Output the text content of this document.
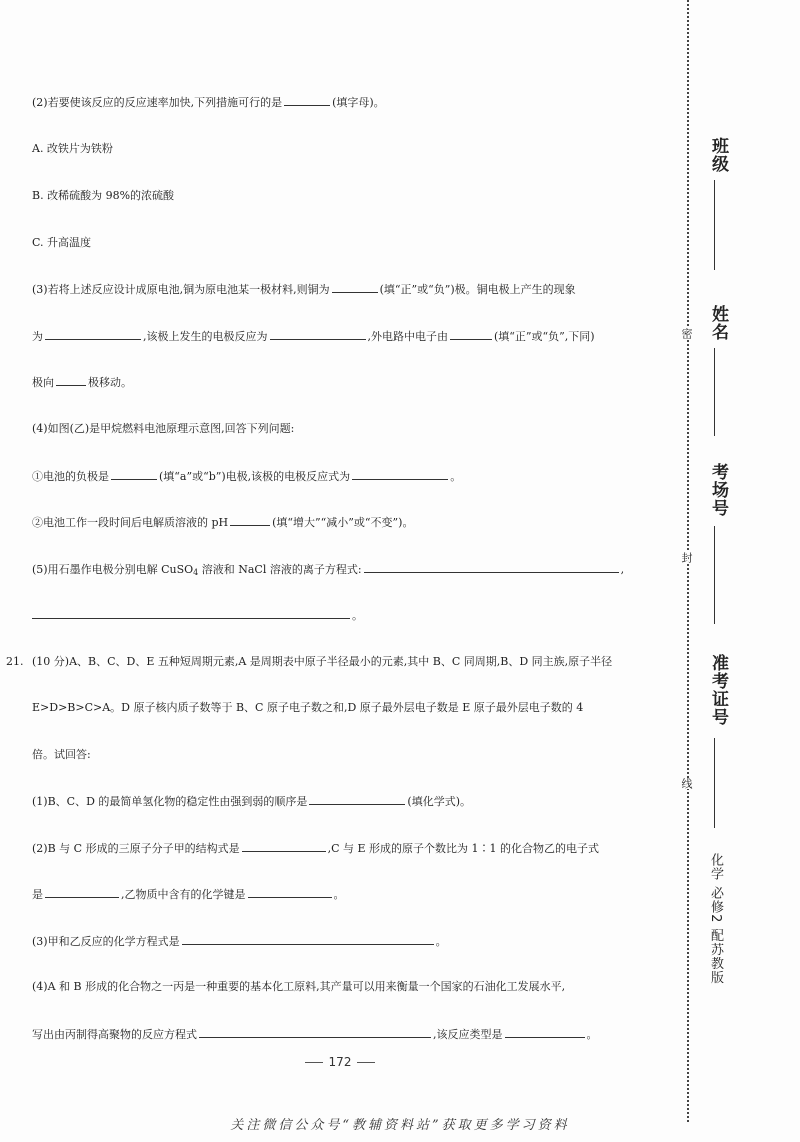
(2)若要使该反应的反应速率加快,下列措施可行的是	(填字母)。
A. 改铁片为铁粉
B. 改稀硫酸为 98%的浓硫酸
C. 升高温度
(3)若将上述反应设计成原电池,铜为原电池某一极材料,则铜为	(填“正”或“负”)极。铜电极上产生的现象
为	,该极上发生的电极反应为	,外电路中电子由	(填“正”或“负”,下同)
极向	极移动。
(4)如图(乙)是甲烷燃料电池原理示意图,回答下列问题:
①电池的负极是	(填“a”或“b”)电极,该极的电极反应式为	。
②电池工作一段时间后电解质溶液的 pH	(填“增大”“减小”或“不变”)。
(5)用石墨作电极分别电解 CuSO$_4$ 溶液和 NaCl 溶液的离子方程式:	,
。
21. (10 分)A、B、C、D、E 五种短周期元素,A 是周期表中原子半径最小的元素,其中 B、C 同周期,B、D 同主族,原子半径
E>D>B>C>A。D 原子核内质子数等于 B、C 原子电子数之和,D 原子最外层电子数是 E 原子最外层电子数的 4
倍。试回答:
(1)B、C、D 的最简单氢化物的稳定性由强到弱的顺序是	(填化学式)。
(2)B 与 C 形成的三原子分子甲的结构式是	,C 与 E 形成的原子个数比为 1∶1 的化合物乙的电子式
是	,乙物质中含有的化学键是	。
(3)甲和乙反应的化学方程式是	。
(4)A 和 B 形成的化合物之一丙是一种重要的基本化工原料,其产量可以用来衡量一个国家的石油化工发展水平,
写出由丙制得高聚物的反应方程式	,该反应类型是	。
172
关注微信公众号“教辅资料站”获取更多学习资料
班级
姓名
考场号
准考证号
密
封
线
化学 必修2 配苏教版
